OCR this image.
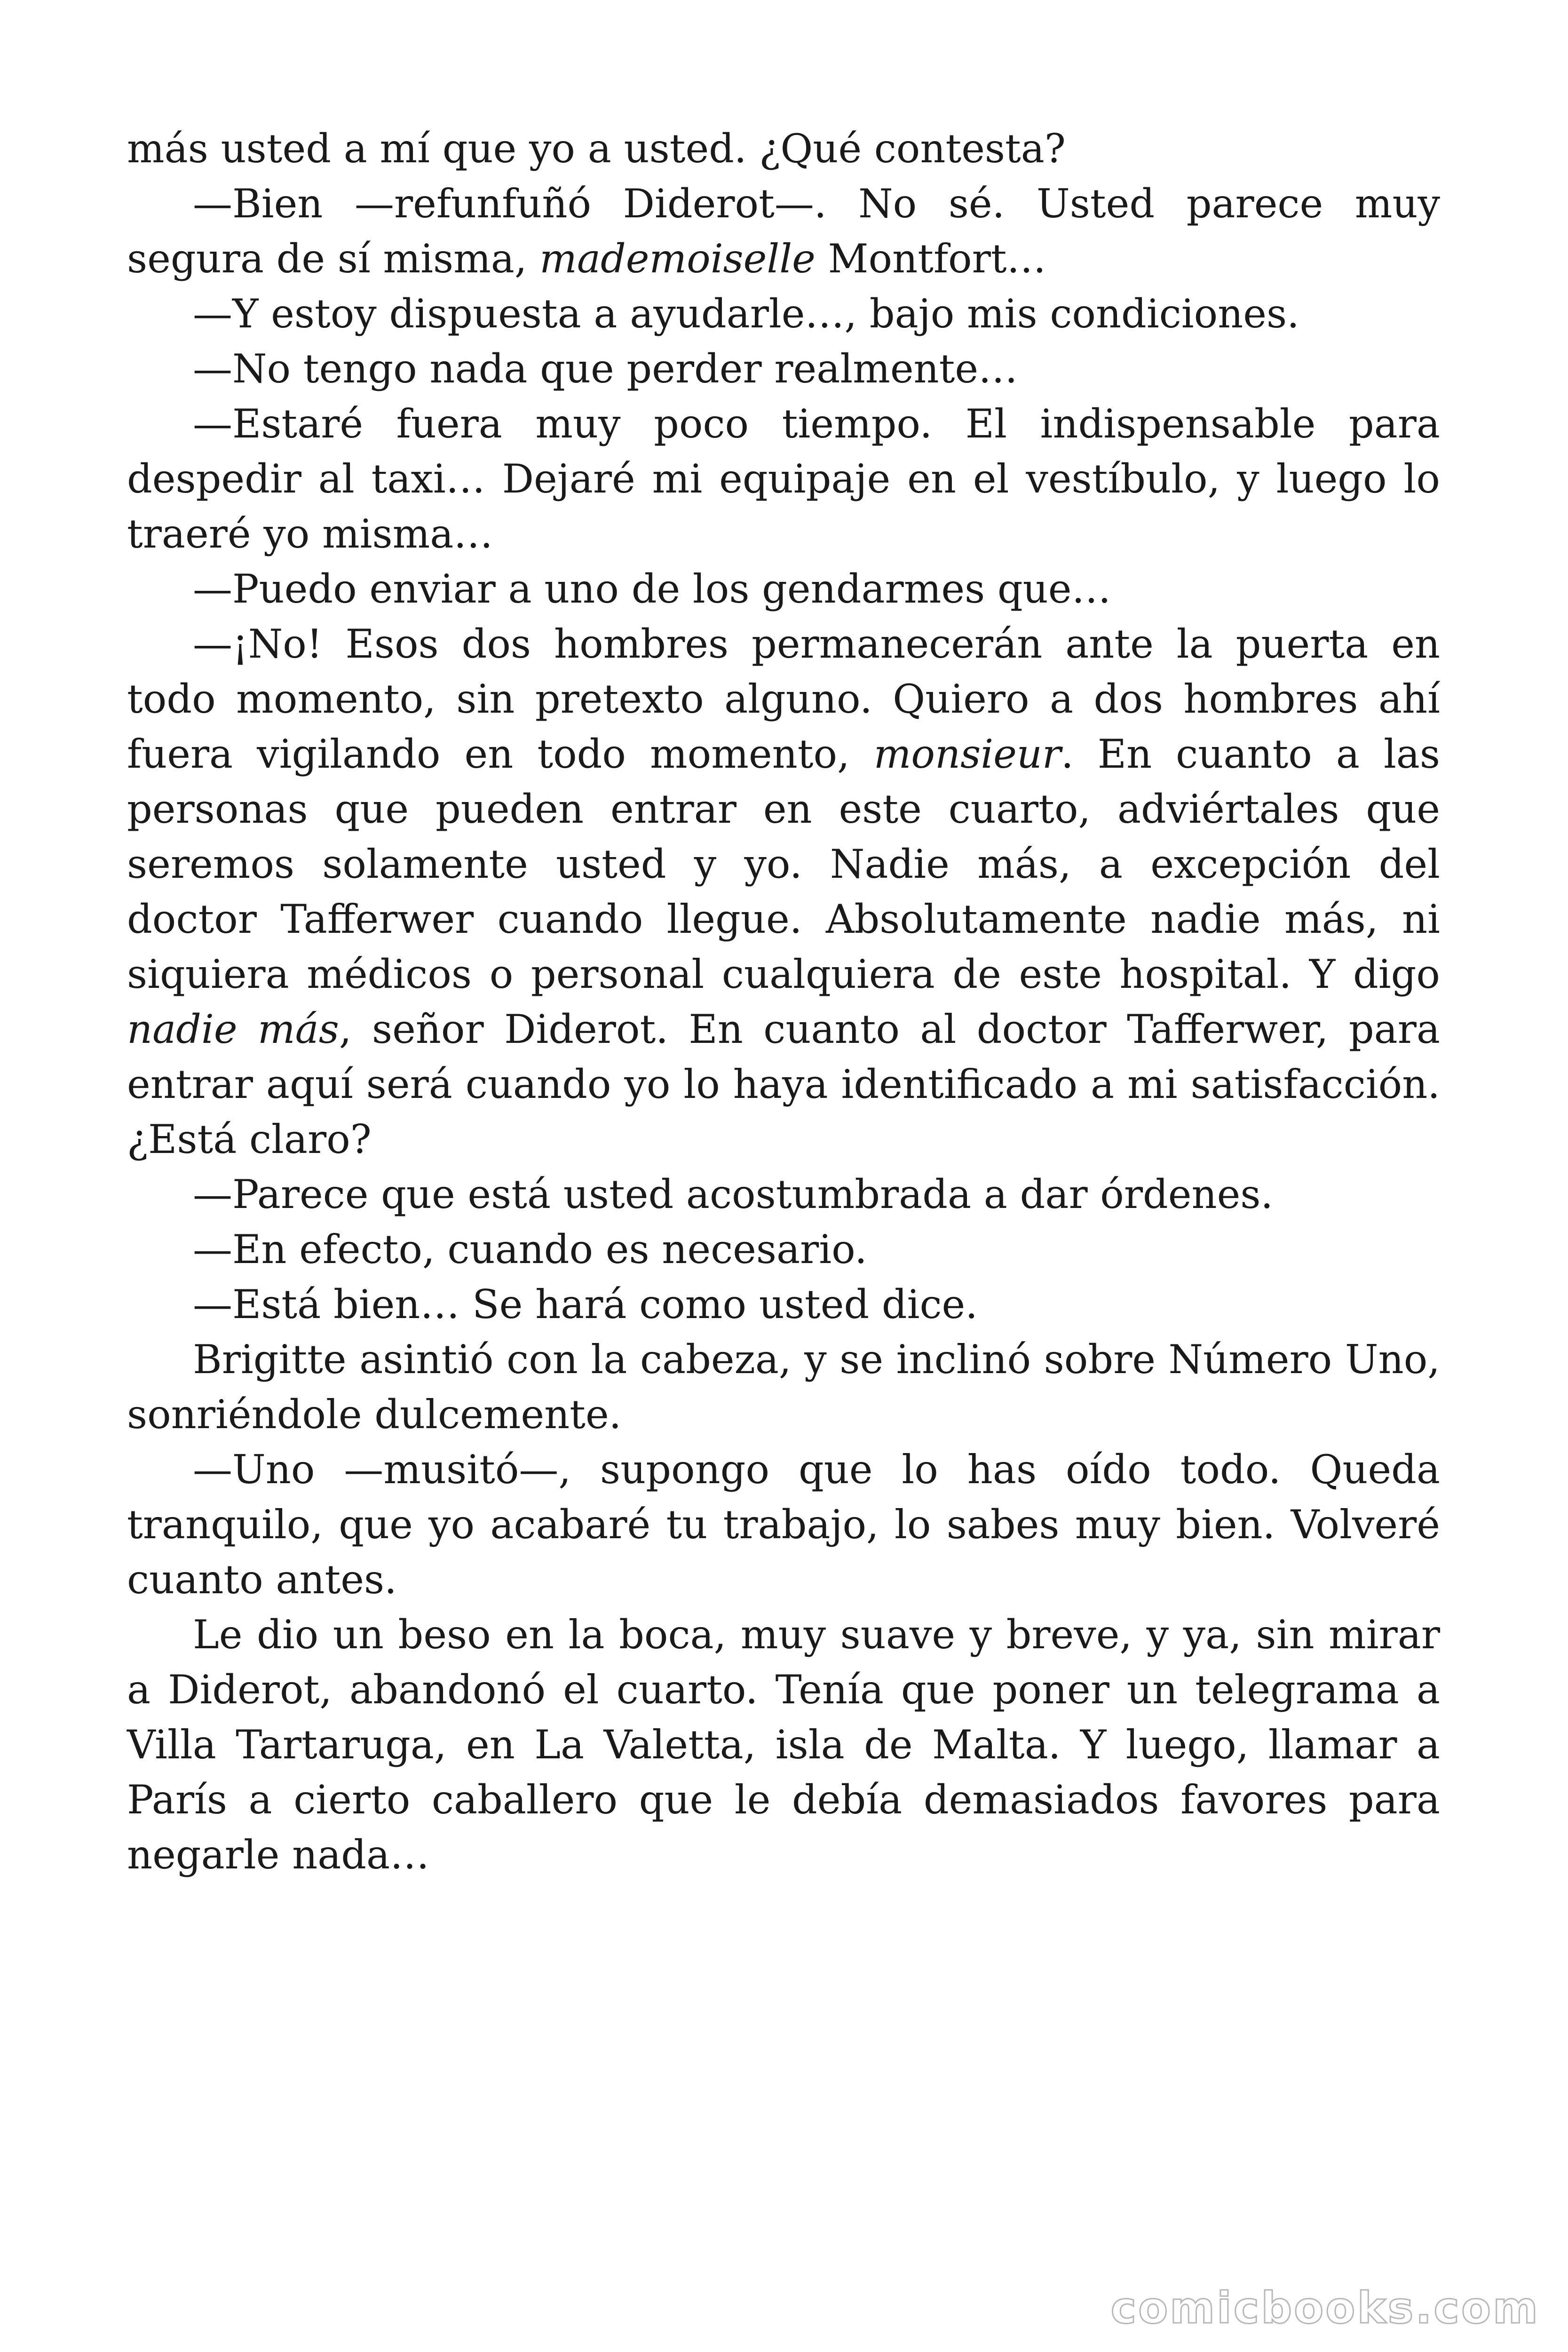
más usted a mí que yo a usted. ¿Qué contesta?

—Bien —refunfuñó Diderot—. No sé. Usted parece muy segura de sí misma, mademoiselle Montfort…

—Y estoy dispuesta a ayudarle…, bajo mis condiciones.

—No tengo nada que perder realmente…

—Estaré fuera muy poco tiempo. El indispensable para despedir al taxi… Dejaré mi equipaje en el vestíbulo, y luego lo traeré yo misma…

—Puedo enviar a uno de los gendarmes que…

—¡No! Esos dos hombres permanecerán ante la puerta en todo momento, sin pretexto alguno. Quiero a dos hombres ahí fuera vigilando en todo momento, monsieur. En cuanto a las personas que pueden entrar en este cuarto, adviértales que seremos solamente usted y yo. Nadie más, a excepción del doctor Tafferwer cuando llegue. Absolutamente nadie más, ni siquiera médicos o personal cualquiera de este hospital. Y digo nadie más, señor Diderot. En cuanto al doctor Tafferwer, para entrar aquí será cuando yo lo haya identificado a mi satisfacción. ¿Está claro?

—Parece que está usted acostumbrada a dar órdenes.

—En efecto, cuando es necesario.

—Está bien… Se hará como usted dice.

Brigitte asintió con la cabeza, y se inclinó sobre Número Uno, sonriéndole dulcemente.

—Uno —musitó—, supongo que lo has oído todo. Queda tranquilo, que yo acabaré tu trabajo, lo sabes muy bien. Volveré cuanto antes.

Le dio un beso en la boca, muy suave y breve, y ya, sin mirar a Diderot, abandonó el cuarto. Tenía que poner un telegrama a Villa Tartaruga, en La Valetta, isla de Malta. Y luego, llamar a París a cierto caballero que le debía demasiados favores para negarle nada…

comicbooks.com
